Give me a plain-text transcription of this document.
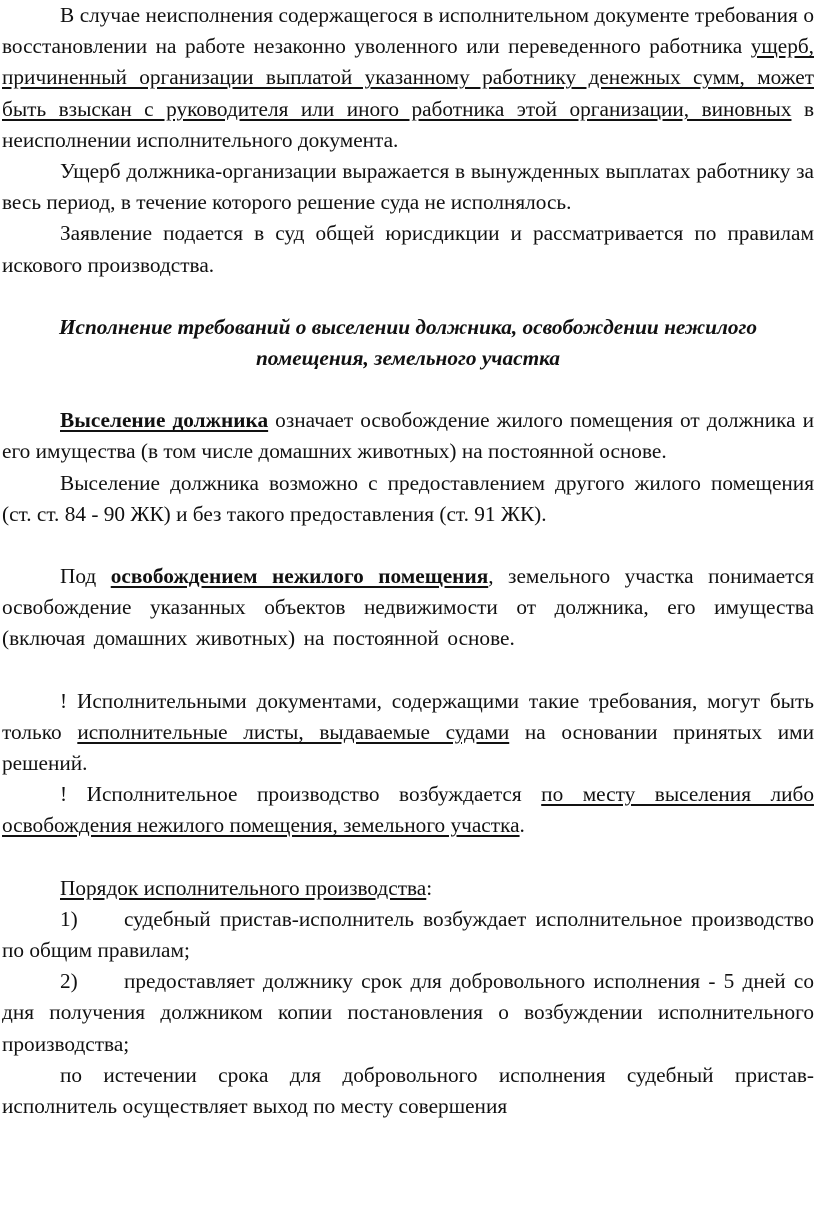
В случае неисполнения содержащегося в исполнительном документе требования о восстановлении на работе незаконно уволенного или переведенного работника ущерб, причиненный организации выплатой указанному работнику денежных сумм, может быть взыскан с руководителя или иного работника этой организации, виновных в неисполнении исполнительного документа.

Ущерб должника-организации выражается в вынужденных выплатах работнику за весь период, в течение которого решение суда не исполнялось.

Заявление подается в суд общей юрисдикции и рассматривается по правилам искового производства.

Исполнение требований о выселении должника, освобождении нежилого помещения, земельного участка

Выселение должника означает освобождение жилого помещения от должника и его имущества (в том числе домашних животных) на постоянной основе.

Выселение должника возможно с предоставлением другого жилого помещения (ст. ст. 84 - 90 ЖК) и без такого предоставления (ст. 91 ЖК).

Под освобождением нежилого помещения, земельного участка понимается освобождение указанных объектов недвижимости от должника, его имущества (включая домашних животных) на постоянной основе.

! Исполнительными документами, содержащими такие требования, могут быть только исполнительные листы, выдаваемые судами на основании принятых ими решений.

! Исполнительное производство возбуждается по месту выселения либо освобождения нежилого помещения, земельного участка.

Порядок исполнительного производства:

1) судебный пристав-исполнитель возбуждает исполнительное производство по общим правилам;

2) предоставляет должнику срок для добровольного исполнения - 5 дней со дня получения должником копии постановления о возбуждении исполнительного производства;

по истечении срока для добровольного исполнения судебный пристав-исполнитель осуществляет выход по месту совершения
